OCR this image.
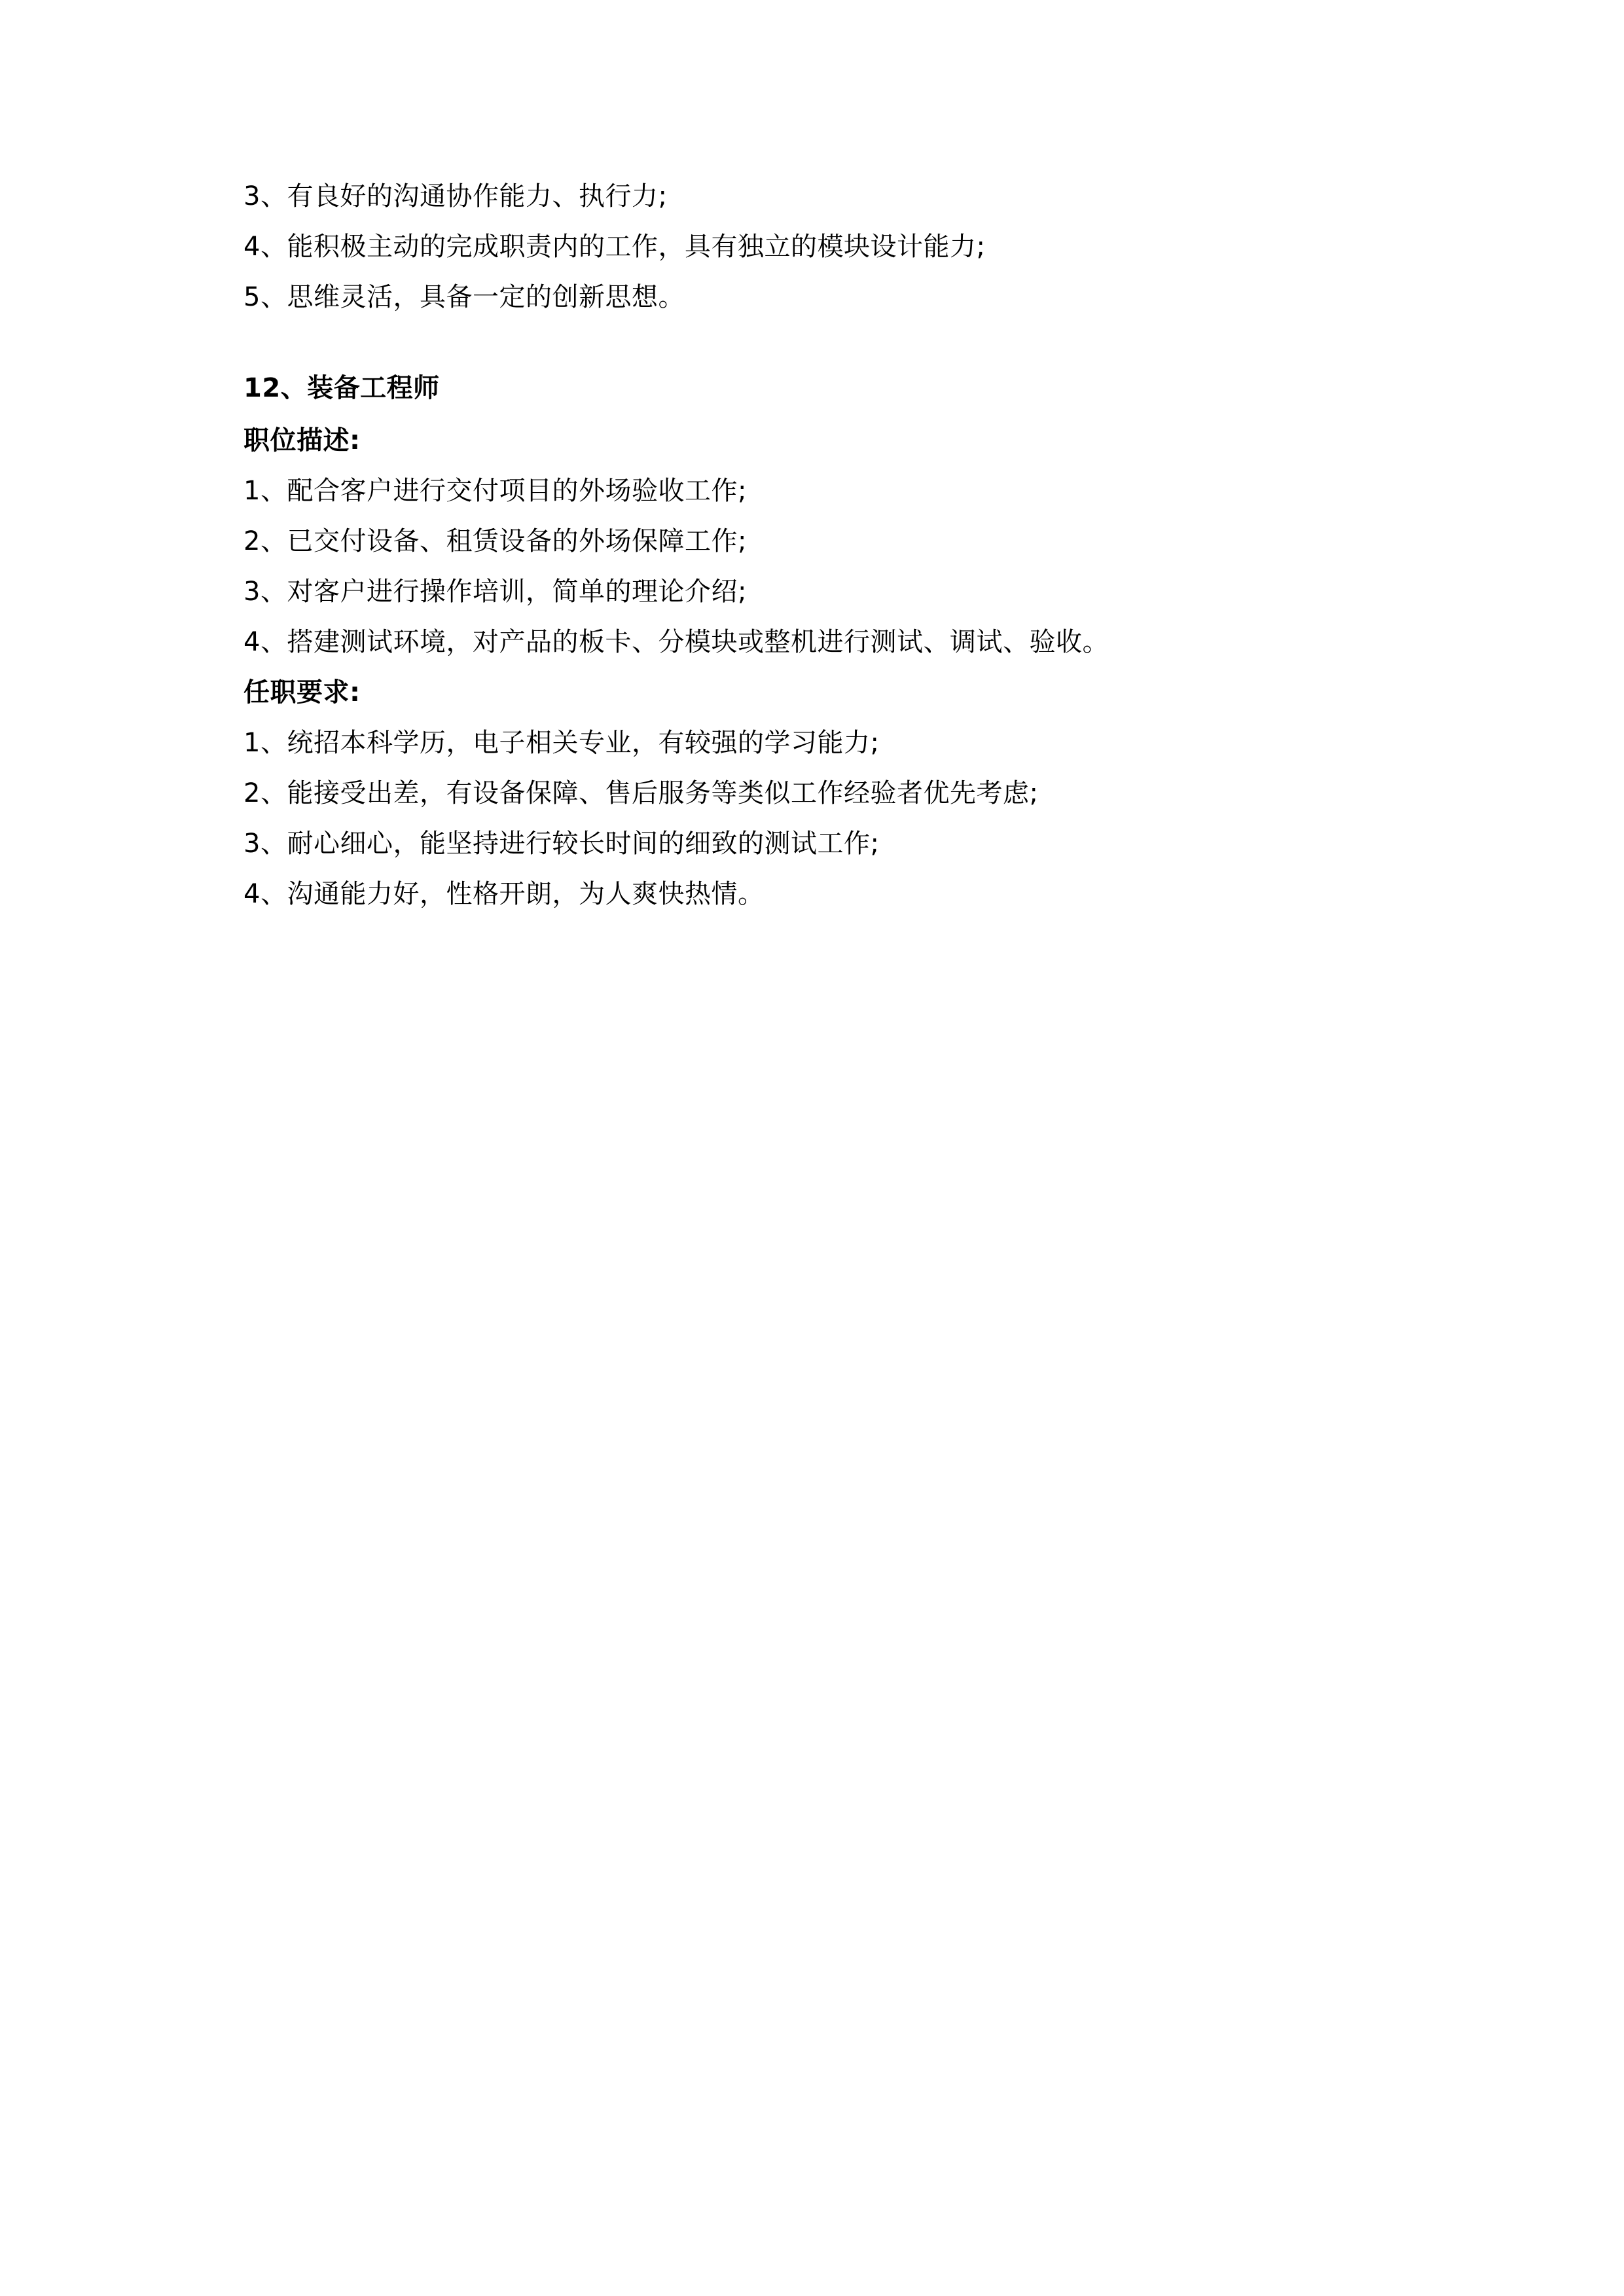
3、有良好的沟通协作能力、执行力;

4、能积极主动的完成职责内的工作，具有独立的模块设计能力;

5、思维灵活，具备一定的创新思想。

12、装备工程师

职位描述:

1、配合客户进行交付项目的外场验收工作;

2、已交付设备、租赁设备的外场保障工作;

3、对客户进行操作培训，简单的理论介绍;

4、搭建测试环境，对产品的板卡、分模块或整机进行测试、调试、验收。

任职要求:

1、统招本科学历，电子相关专业，有较强的学习能力;

2、能接受出差，有设备保障、售后服务等类似工作经验者优先考虑;

3、耐心细心，能坚持进行较长时间的细致的测试工作;

4、沟通能力好，性格开朗，为人爽快热情。
